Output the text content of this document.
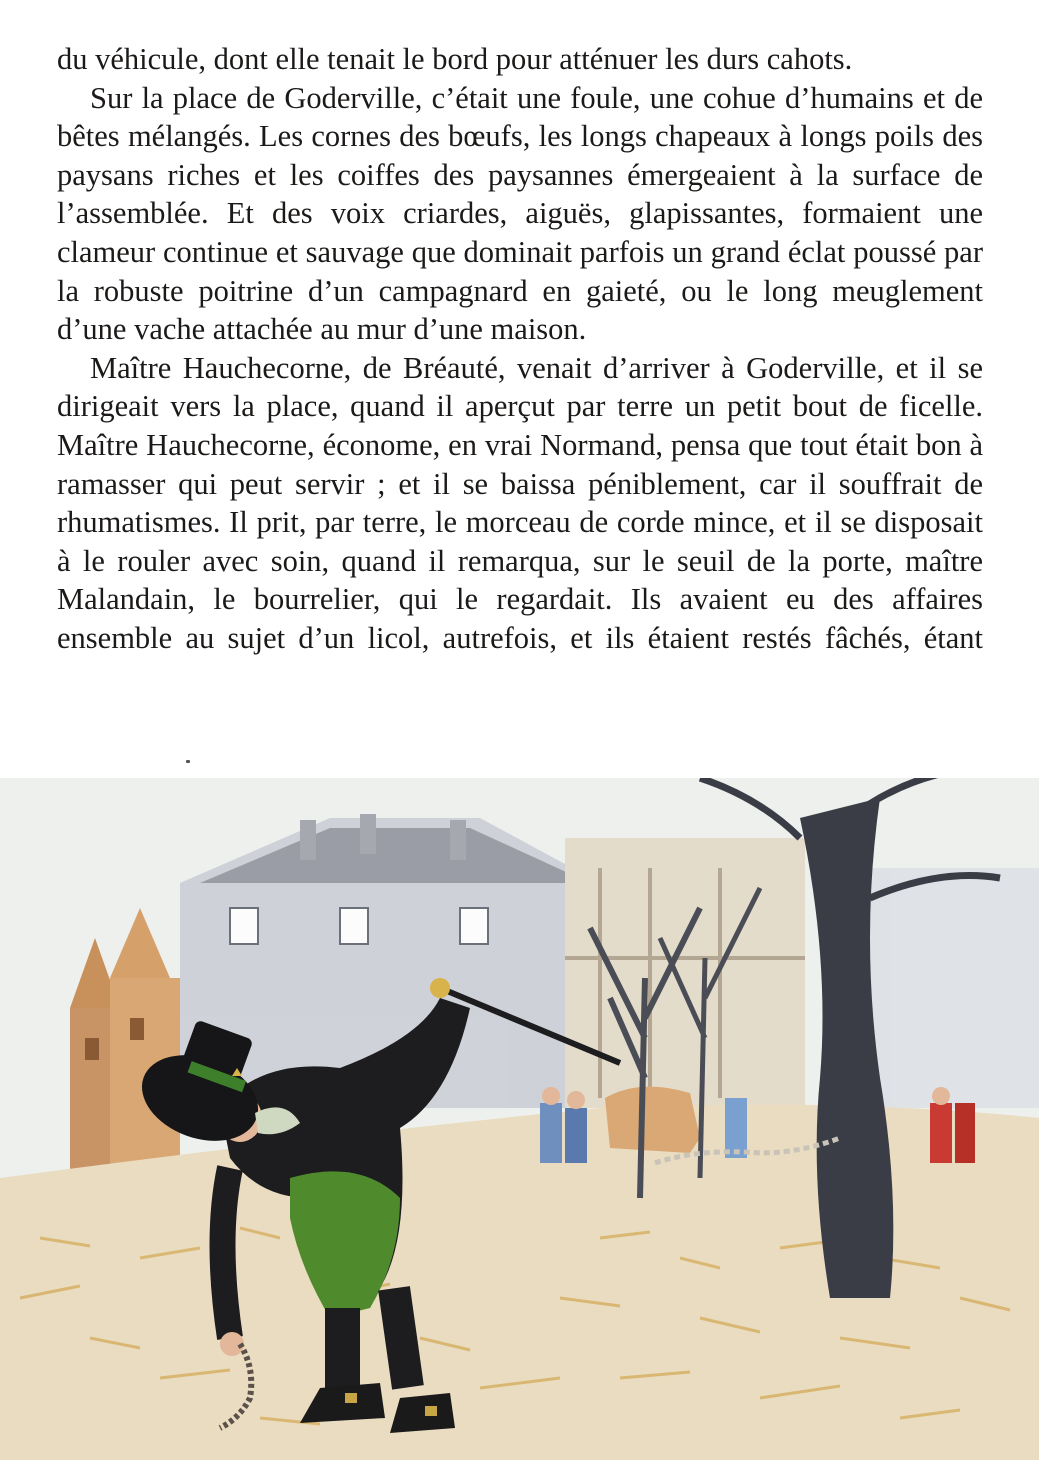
du véhicule, dont elle tenait le bord pour atténuer les durs cahots.

Sur la place de Goderville, c’était une foule, une cohue d’humains et de bêtes mélangés. Les cornes des bœufs, les longs chapeaux à longs poils des paysans riches et les coiffes des paysannes émergeaient à la surface de l’assemblée. Et des voix criardes, aiguës, glapissantes, formaient une clameur continue et sauvage que dominait parfois un grand éclat poussé par la robuste poitrine d’un campagnard en gaieté, ou le long meuglement d’une vache attachée au mur d’une maison.

Maître Hauchecorne, de Bréauté, venait d’arriver à Goderville, et il se dirigeait vers la place, quand il aperçut par terre un petit bout de ficelle. Maître Hauchecorne, économe, en vrai Normand, pensa que tout était bon à ramasser qui peut servir ; et il se baissa péniblement, car il souffrait de rhumatismes. Il prit, par terre, le morceau de corde mince, et il se disposait à le rouler avec soin, quand il remarqua, sur le seuil de la porte, maître Malandain, le bourrelier, qui le regardait. Ils avaient eu des affaires ensemble au sujet d’un licol, autrefois, et ils étaient restés fâchés, étant
